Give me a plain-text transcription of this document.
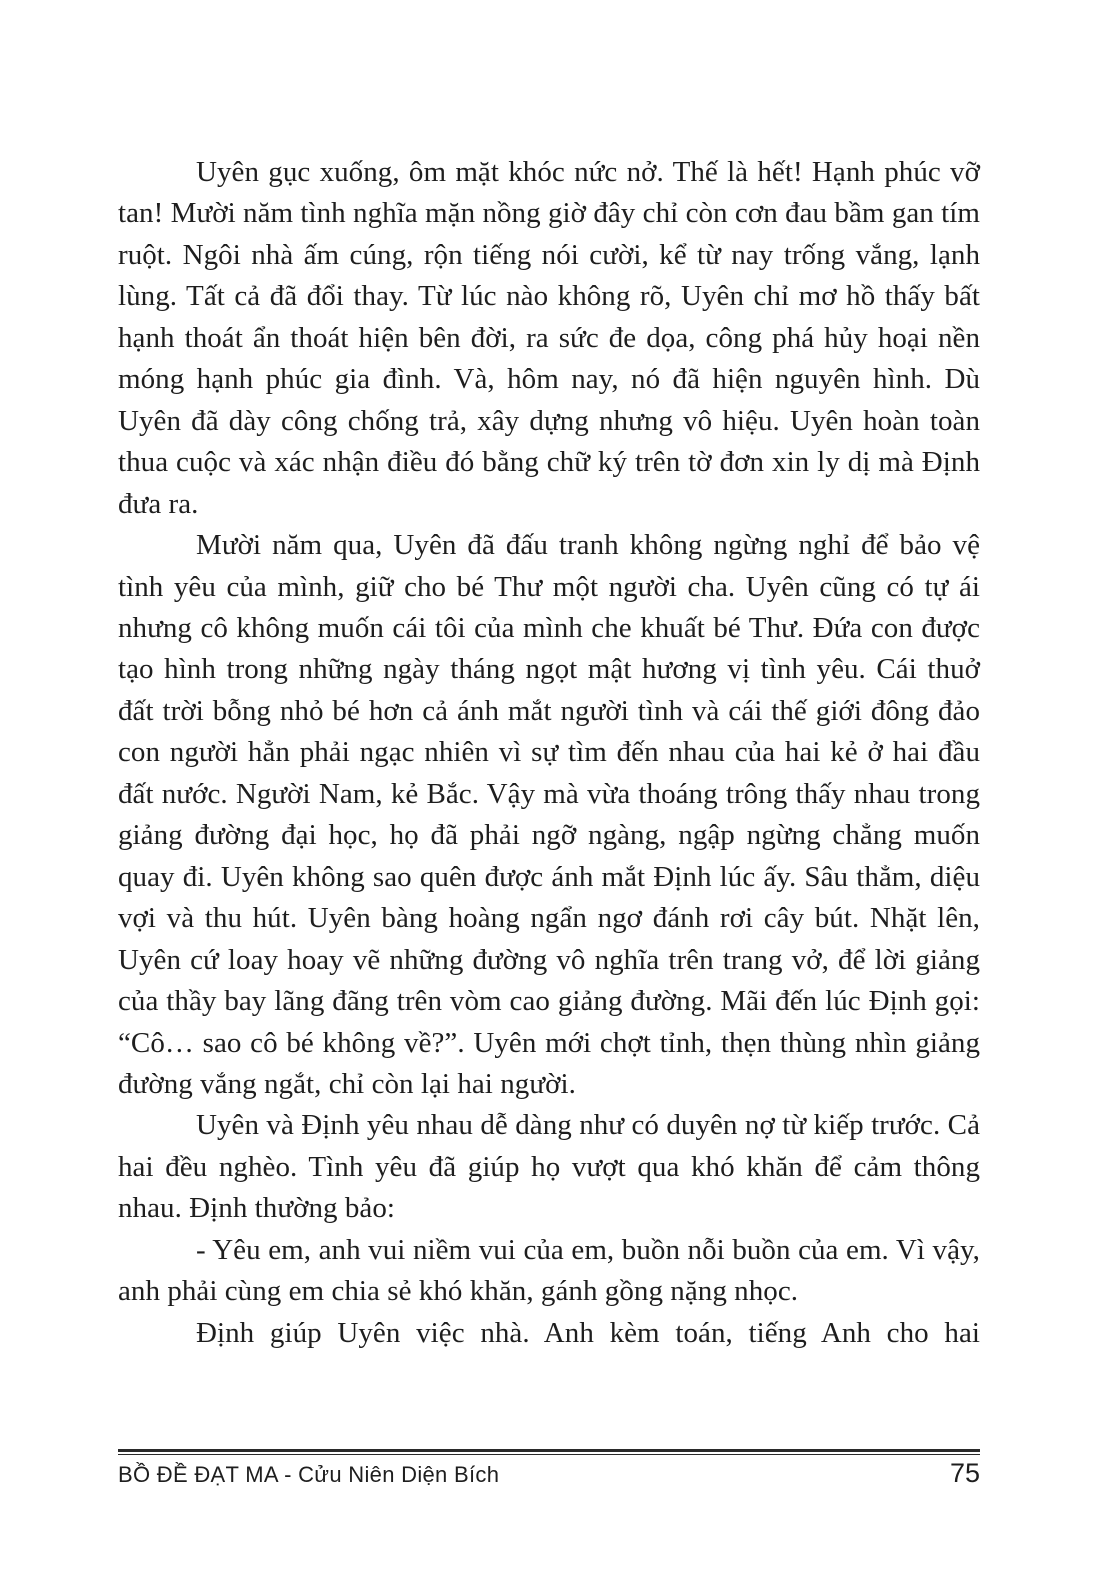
Uyên gục xuống, ôm mặt khóc nức nở. Thế là hết! Hạnh phúc vỡ tan! Mười năm tình nghĩa mặn nồng giờ đây chỉ còn cơn đau bầm gan tím ruột. Ngôi nhà ấm cúng, rộn tiếng nói cười, kể từ nay trống vắng, lạnh lùng. Tất cả đã đổi thay. Từ lúc nào không rõ, Uyên chỉ mơ hồ thấy bất hạnh thoát ẩn thoát hiện bên đời, ra sức đe dọa, công phá hủy hoại nền móng hạnh phúc gia đình. Và, hôm nay, nó đã hiện nguyên hình. Dù Uyên đã dày công chống trả, xây dựng nhưng vô hiệu. Uyên hoàn toàn thua cuộc và xác nhận điều đó bằng chữ ký trên tờ đơn xin ly dị mà Định đưa ra.

Mười năm qua, Uyên đã đấu tranh không ngừng nghỉ để bảo vệ tình yêu của mình, giữ cho bé Thư một người cha. Uyên cũng có tự ái nhưng cô không muốn cái tôi của mình che khuất bé Thư. Đứa con được tạo hình trong những ngày tháng ngọt mật hương vị tình yêu. Cái thuở đất trời bỗng nhỏ bé hơn cả ánh mắt người tình và cái thế giới đông đảo con người hẳn phải ngạc nhiên vì sự tìm đến nhau của hai kẻ ở hai đầu đất nước. Người Nam, kẻ Bắc. Vậy mà vừa thoáng trông thấy nhau trong giảng đường đại học, họ đã phải ngỡ ngàng, ngập ngừng chẳng muốn quay đi. Uyên không sao quên được ánh mắt Định lúc ấy. Sâu thẳm, diệu vợi và thu hút. Uyên bàng hoàng ngẩn ngơ đánh rơi cây bút. Nhặt lên, Uyên cứ loay hoay vẽ những đường vô nghĩa trên trang vở, để lời giảng của thầy bay lãng đãng trên vòm cao giảng đường. Mãi đến lúc Định gọi: “Cô… sao cô bé không về?”. Uyên mới chợt tỉnh, thẹn thùng nhìn giảng đường vắng ngắt, chỉ còn lại hai người.

Uyên và Định yêu nhau dễ dàng như có duyên nợ từ kiếp trước. Cả hai đều nghèo. Tình yêu đã giúp họ vượt qua khó khăn để cảm thông nhau. Định thường bảo:

- Yêu em, anh vui niềm vui của em, buồn nỗi buồn của em. Vì vậy, anh phải cùng em chia sẻ khó khăn, gánh gồng nặng nhọc.

Định giúp Uyên việc nhà. Anh kèm toán, tiếng Anh cho hai

BỒ ĐỀ ĐẠT MA - Cửu Niên Diện Bích	75
